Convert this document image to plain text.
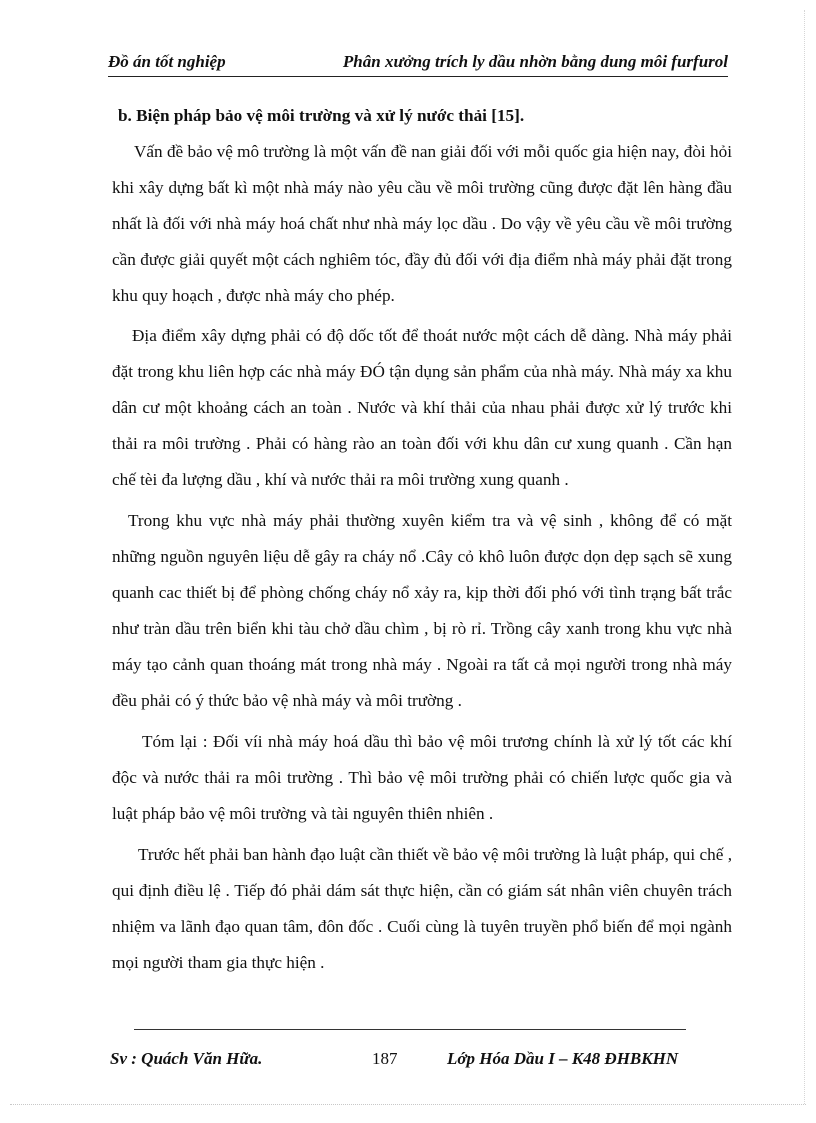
Đồ án tốt nghiệp	Phân xưởng trích ly dầu nhờn bằng dung môi furfurol
b. Biện pháp bảo vệ môi trường và xử lý nước thải [15].

Vấn đề bảo vệ mô trường là một vấn đề nan giải đối với mỗi quốc gia hiện nay, đòi hỏi khi xây dựng bất kì một nhà máy nào yêu cầu về môi trường cũng được đặt lên hàng đầu nhất là đối với nhà máy hoá chất như nhà máy lọc dầu . Do vậy về yêu cầu về môi trường cần được giải quyết một cách nghiêm tóc, đầy đủ đối với địa điểm nhà máy phải đặt trong khu quy hoạch , được nhà máy cho phép.

Địa điểm xây dựng phải có độ dốc tốt để thoát nước một cách dễ dàng. Nhà máy phải đặt trong khu liên hợp các nhà máy ĐÓ tận dụng sản phẩm của nhà máy. Nhà máy xa khu dân cư một khoảng cách an toàn . Nước và khí thải của nhau phải được xử lý trước khi thải ra môi trường . Phải có hàng rào an toàn đối với khu dân cư xung quanh . Cần hạn chế tèi đa lượng dầu , khí và nước thải ra môi trường xung quanh .

Trong khu vực nhà máy phải thường xuyên kiểm tra và vệ sinh , không để có mặt những nguồn nguyên liệu dễ gây ra cháy nổ .Cây cỏ khô luôn được dọn dẹp sạch sẽ xung quanh cac thiết bị để phòng chống cháy nổ xảy ra, kịp thời đối phó với tình trạng bất trắc như tràn dầu trên biển khi tàu chở dầu chìm , bị rò rỉ. Trồng cây xanh trong khu vực nhà máy tạo cảnh quan thoáng mát trong nhà máy . Ngoài ra tất cả mọi người trong nhà máy đều phải có ý thức bảo vệ nhà máy và môi trường .

Tóm lại : Đối víi nhà máy hoá dầu thì bảo vệ môi trương chính là xử lý tốt các khí độc và nước thải ra môi trường . Thì bảo vệ môi trường phải có chiến lược quốc gia và luật pháp bảo vệ môi trường và tài nguyên thiên nhiên .

Trước hết phải ban hành đạo luật cần thiết về bảo vệ môi trường là luật pháp, qui chế , qui định điều lệ . Tiếp đó phải dám sát thực hiện, cần có giám sát nhân viên chuyên trách nhiệm va lãnh đạo quan tâm, đôn đốc . Cuối cùng là tuyên truyền phổ biến để mọi ngành mọi người tham gia thực hiện .

Sv : Quách Văn Hữa.	187	Lớp Hóa Dầu I – K48 ĐHBKHN
